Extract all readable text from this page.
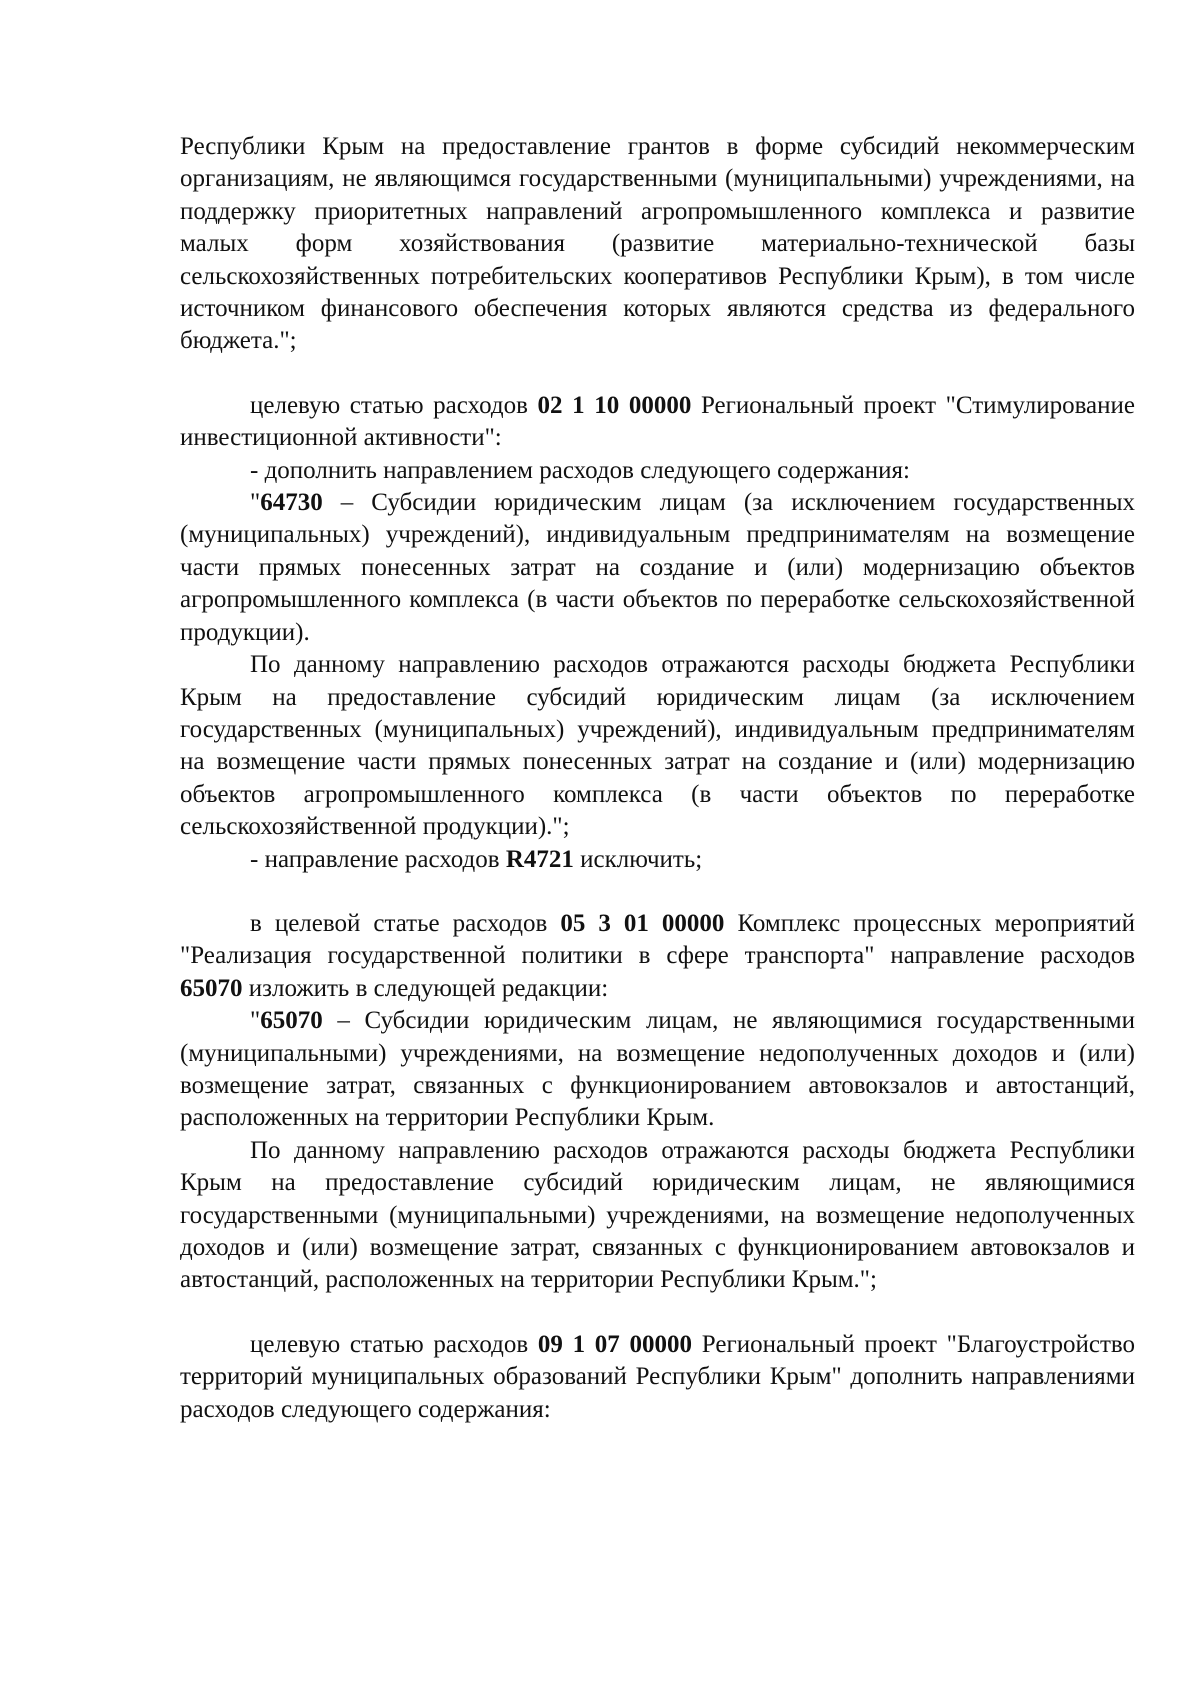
Республики Крым на предоставление грантов в форме субсидий некоммерческим организациям, не являющимся государственными (муниципальными) учреждениями, на поддержку приоритетных направлений агропромышленного комплекса и развитие малых форм хозяйствования (развитие материально-технической базы сельскохозяйственных потребительских кооперативов Республики Крым), в том числе источником финансового обеспечения которых являются средства из федерального бюджета.";

целевую статью расходов 02 1 10 00000 Региональный проект "Стимулирование инвестиционной активности":

- дополнить направлением расходов следующего содержания:

"64730 – Субсидии юридическим лицам (за исключением государственных (муниципальных) учреждений), индивидуальным предпринимателям на возмещение части прямых понесенных затрат на создание и (или) модернизацию объектов агропромышленного комплекса (в части объектов по переработке сельскохозяйственной продукции).

По данному направлению расходов отражаются расходы бюджета Республики Крым на предоставление субсидий юридическим лицам (за исключением государственных (муниципальных) учреждений), индивидуальным предпринимателям на возмещение части прямых понесенных затрат на создание и (или) модернизацию объектов агропромышленного комплекса (в части объектов по переработке сельскохозяйственной продукции).";

- направление расходов R4721 исключить;

в целевой статье расходов 05 3 01 00000 Комплекс процессных мероприятий "Реализация государственной политики в сфере транспорта" направление расходов 65070 изложить в следующей редакции:

"65070 – Субсидии юридическим лицам, не являющимися государственными (муниципальными) учреждениями, на возмещение недополученных доходов и (или) возмещение затрат, связанных с функционированием автовокзалов и автостанций, расположенных на территории Республики Крым.

По данному направлению расходов отражаются расходы бюджета Республики Крым на предоставление субсидий юридическим лицам, не являющимися государственными (муниципальными) учреждениями, на возмещение недополученных доходов и (или) возмещение затрат, связанных с функционированием автовокзалов и автостанций, расположенных на территории Республики Крым.";

целевую статью расходов 09 1 07 00000 Региональный проект "Благоустройство территорий муниципальных образований Республики Крым" дополнить направлениями расходов следующего содержания:
